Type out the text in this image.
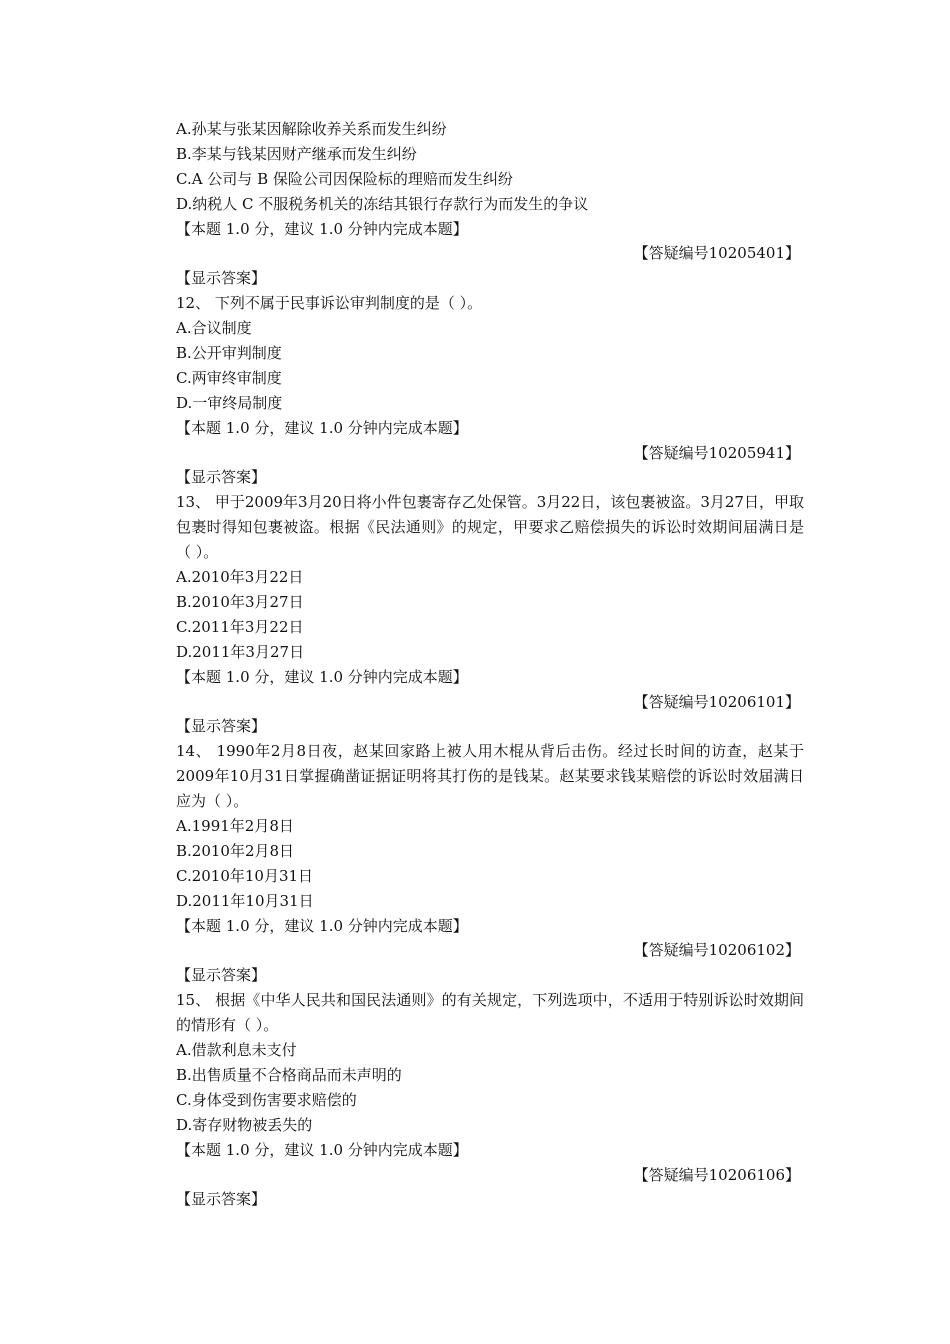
A.孙某与张某因解除收养关系而发生纠纷
B.李某与钱某因财产继承而发生纠纷
C.A 公司与 B 保险公司因保险标的理赔而发生纠纷
D.纳税人 C 不服税务机关的冻结其银行存款行为而发生的争议
【本题 1.0 分，建议 1.0 分钟内完成本题】
【答疑编号10205401】
【显示答案】
12、 下列不属于民事诉讼审判制度的是（ ）。
A.合议制度
B.公开审判制度
C.两审终审制度
D.一审终局制度
【本题 1.0 分，建议 1.0 分钟内完成本题】
【答疑编号10205941】
【显示答案】
13、 甲于2009年3月20日将小件包裹寄存乙处保管。3月22日，该包裹被盗。3月27日，甲取包裹时得知包裹被盗。根据《民法通则》的规定，甲要求乙赔偿损失的诉讼时效期间届满日是（ ）。
A.2010年3月22日
B.2010年3月27日
C.2011年3月22日
D.2011年3月27日
【本题 1.0 分，建议 1.0 分钟内完成本题】
【答疑编号10206101】
【显示答案】
14、 1990年2月8日夜，赵某回家路上被人用木棍从背后击伤。经过长时间的访查，赵某于2009年10月31日掌握确凿证据证明将其打伤的是钱某。赵某要求钱某赔偿的诉讼时效届满日应为（ ）。
A.1991年2月8日
B.2010年2月8日
C.2010年10月31日
D.2011年10月31日
【本题 1.0 分，建议 1.0 分钟内完成本题】
【答疑编号10206102】
【显示答案】
15、 根据《中华人民共和国民法通则》的有关规定，下列选项中，不适用于特别诉讼时效期间的情形有（ ）。
A.借款利息未支付
B.出售质量不合格商品而未声明的
C.身体受到伤害要求赔偿的
D.寄存财物被丢失的
【本题 1.0 分，建议 1.0 分钟内完成本题】
【答疑编号10206106】
【显示答案】
